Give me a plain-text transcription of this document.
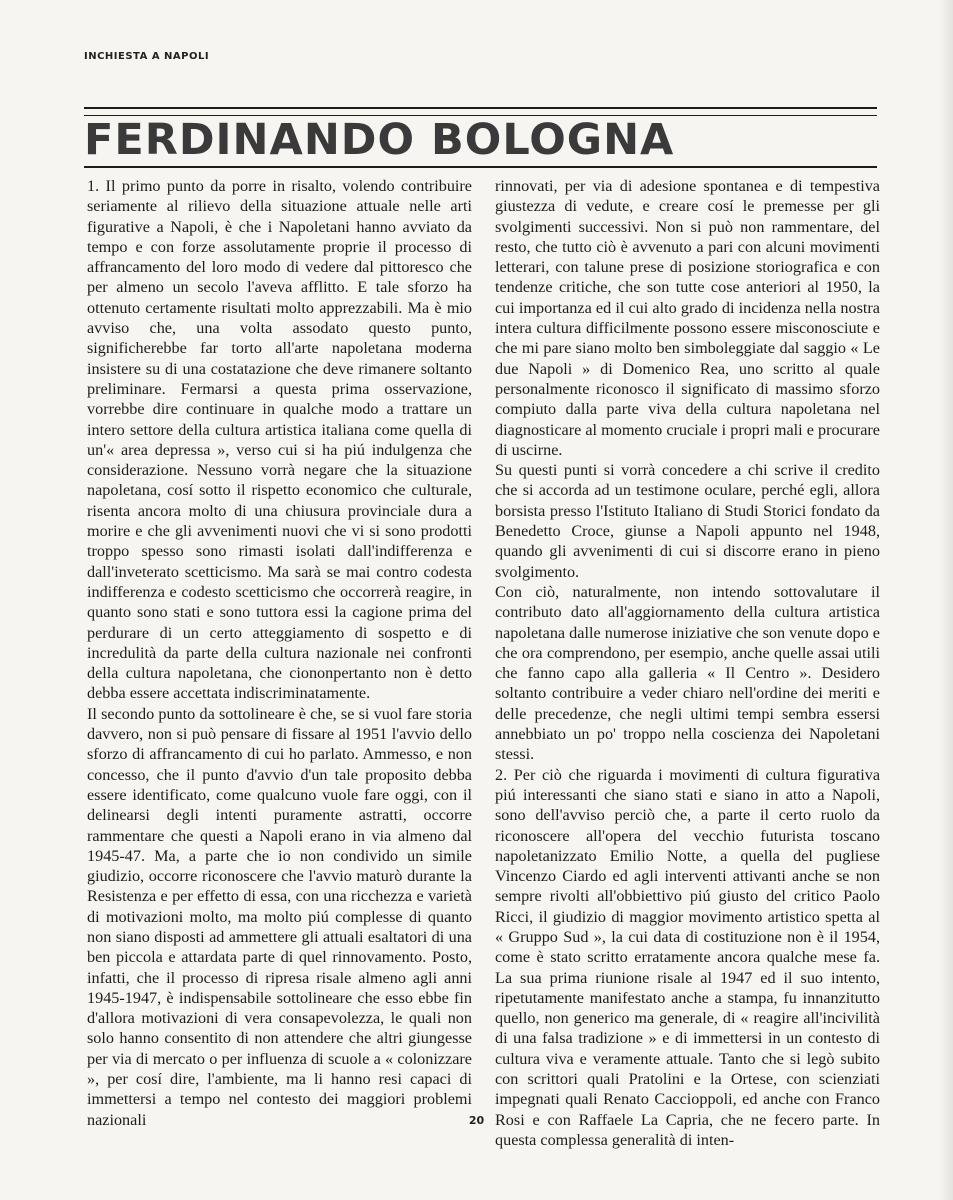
INCHIESTA A NAPOLI
FERDINANDO BOLOGNA

1. Il primo punto da porre in risalto, volendo contribuire seriamente al rilievo della situazione attuale nelle arti figurative a Napoli, è che i Napoletani hanno avviato da tempo e con forze assolutamente proprie il processo di affrancamento del loro modo di vedere dal pittoresco che per almeno un secolo l'aveva afflitto. E tale sforzo ha ottenuto certamente risultati molto apprezzabili. Ma è mio avviso che, una volta assodato questo punto, significherebbe far torto all'arte napoletana moderna insistere su di una costatazione che deve rimanere soltanto preliminare. Fermarsi a questa prima osservazione, vorrebbe dire continuare in qualche modo a trattare un intero settore della cultura artistica italiana come quella di un'« area depressa », verso cui si ha piú indulgenza che considerazione. Nessuno vorrà negare che la situazione napoletana, cosí sotto il rispetto economico che culturale, risenta ancora molto di una chiusura provinciale dura a morire e che gli avvenimenti nuovi che vi si sono prodotti troppo spesso sono rimasti isolati dall'indifferenza e dall'inveterato scetticismo. Ma sarà se mai contro codesta indifferenza e codesto scetticismo che occorrerà reagire, in quanto sono stati e sono tuttora essi la cagione prima del perdurare di un certo atteggiamento di sospetto e di incredulità da parte della cultura nazionale nei confronti della cultura napoletana, che ciononpertanto non è detto debba essere accettata indiscriminatamente.

Il secondo punto da sottolineare è che, se si vuol fare storia davvero, non si può pensare di fissare al 1951 l'avvio dello sforzo di affrancamento di cui ho parlato. Ammesso, e non concesso, che il punto d'avvio d'un tale proposito debba essere identificato, come qualcuno vuole fare oggi, con il delinearsi degli intenti puramente astratti, occorre rammentare che questi a Napoli erano in via almeno dal 1945-47. Ma, a parte che io non condivido un simile giudizio, occorre riconoscere che l'avvio maturò durante la Resistenza e per effetto di essa, con una ricchezza e varietà di motivazioni molto, ma molto piú complesse di quanto non siano disposti ad ammettere gli attuali esaltatori di una ben piccola e attardata parte di quel rinnovamento. Posto, infatti, che il processo di ripresa risale almeno agli anni 1945-1947, è indispensabile sottolineare che esso ebbe fin d'allora motivazioni di vera consapevolezza, le quali non solo hanno consentito di non attendere che altri giungesse per via di mercato o per influenza di scuole a « colonizzare », per cosí dire, l'ambiente, ma li hanno resi capaci di immettersi a tempo nel contesto dei maggiori problemi nazionali

rinnovati, per via di adesione spontanea e di tempestiva giustezza di vedute, e creare cosí le premesse per gli svolgimenti successivi. Non si può non rammentare, del resto, che tutto ciò è avvenuto a pari con alcuni movimenti letterari, con talune prese di posizione storiografica e con tendenze critiche, che son tutte cose anteriori al 1950, la cui importanza ed il cui alto grado di incidenza nella nostra intera cultura difficilmente possono essere misconosciute e che mi pare siano molto ben simboleggiate dal saggio « Le due Napoli » di Domenico Rea, uno scritto al quale personalmente riconosco il significato di massimo sforzo compiuto dalla parte viva della cultura napoletana nel diagnosticare al momento cruciale i propri mali e procurare di uscirne.

Su questi punti si vorrà concedere a chi scrive il credito che si accorda ad un testimone oculare, perché egli, allora borsista presso l'Istituto Italiano di Studi Storici fondato da Benedetto Croce, giunse a Napoli appunto nel 1948, quando gli avvenimenti di cui si discorre erano in pieno svolgimento.

Con ciò, naturalmente, non intendo sottovalutare il contributo dato all'aggiornamento della cultura artistica napoletana dalle numerose iniziative che son venute dopo e che ora comprendono, per esempio, anche quelle assai utili che fanno capo alla galleria « Il Centro ». Desidero soltanto contribuire a veder chiaro nell'ordine dei meriti e delle precedenze, che negli ultimi tempi sembra essersi annebbiato un po' troppo nella coscienza dei Napoletani stessi.

2. Per ciò che riguarda i movimenti di cultura figurativa piú interessanti che siano stati e siano in atto a Napoli, sono dell'avviso perciò che, a parte il certo ruolo da riconoscere all'opera del vecchio futurista toscano napoletanizzato Emilio Notte, a quella del pugliese Vincenzo Ciardo ed agli interventi attivanti anche se non sempre rivolti all'obbiettivo piú giusto del critico Paolo Ricci, il giudizio di maggior movimento artistico spetta al « Gruppo Sud », la cui data di costituzione non è il 1954, come è stato scritto erratamente ancora qualche mese fa. La sua prima riunione risale al 1947 ed il suo intento, ripetutamente manifestato anche a stampa, fu innanzitutto quello, non generico ma generale, di « reagire all'incivilità di una falsa tradizione » e di immettersi in un contesto di cultura viva e veramente attuale. Tanto che si legò subito con scrittori quali Pratolini e la Ortese, con scienziati impegnati quali Renato Caccioppoli, ed anche con Franco Rosi e con Raffaele La Capria, che ne fecero parte. In questa complessa generalità di inten-

20
